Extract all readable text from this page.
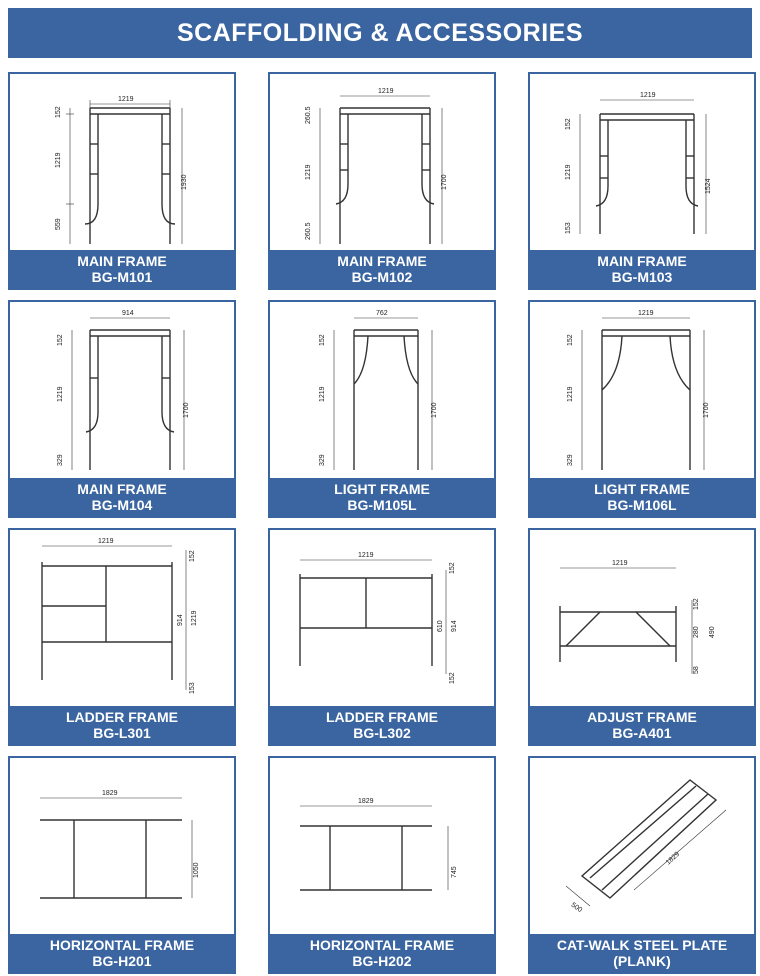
SCAFFOLDING & ACCESSORIES
1219
152
1219
559
1930
MAIN FRAME
BG-M101
1219
260.5
1219
260.5
1700
MAIN FRAME
BG-M102
1219
152
1219
153
1524
MAIN FRAME
BG-M103
914
152
1219
329
1700
MAIN FRAME
BG-M104
762
152
1219
329
1700
LIGHT FRAME
BG-M105L
1219
152
1219
329
1700
LIGHT FRAME
BG-M106L
1219
152
914 1219
153
LADDER FRAME
BG-L301
1219
152
610 914
152
LADDER FRAME
BG-L302
1219
152
280 490
58
ADJUST FRAME
BG-A401
1829
1050
HORIZONTAL FRAME
BG-H201
1829
745
HORIZONTAL FRAME
BG-H202
1829
500
CAT-WALK STEEL PLATE
(PLANK)
